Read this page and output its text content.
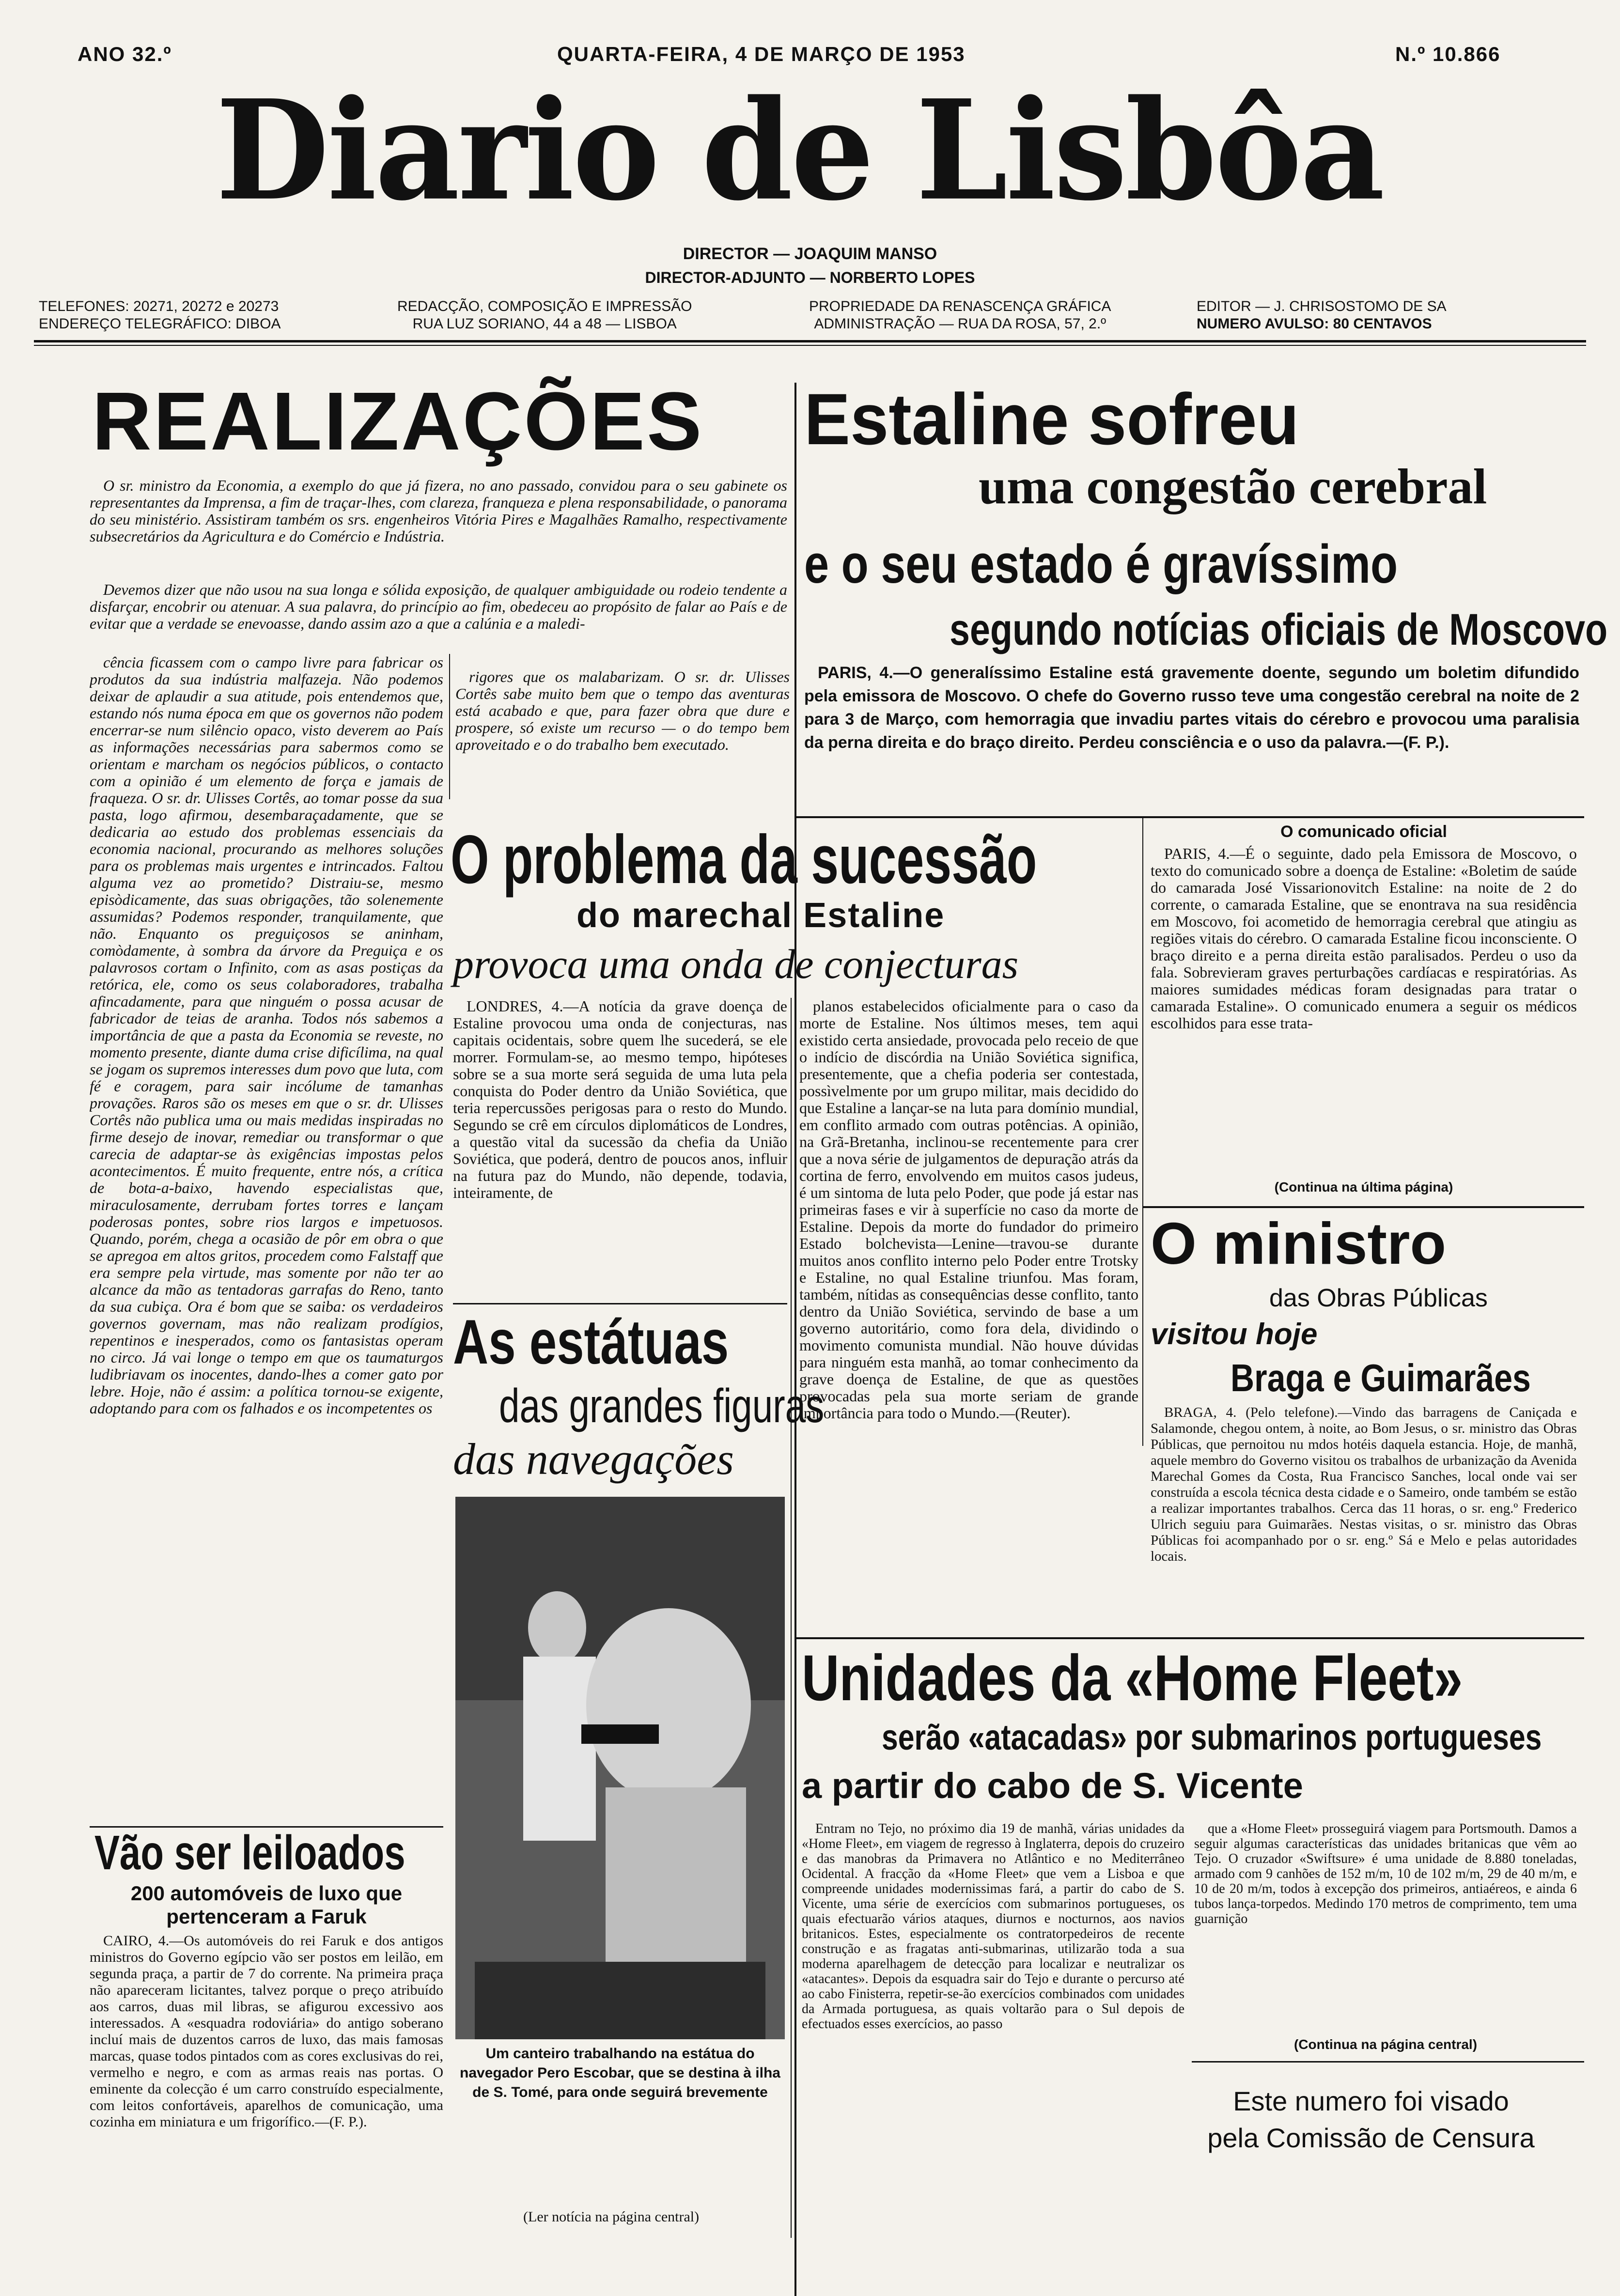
ANO 32.º	QUARTA-FEIRA, 4 DE MARÇO DE 1953	N.º 10.866
Diario de Lisbôa
DIRECTOR — JOAQUIM MANSO
DIRECTOR-ADJUNTO — NORBERTO LOPES
TELEFONES: 20271, 20272 e 20273
ENDEREÇO TELEGRÁFICO: DIBOA
REDACÇÃO, COMPOSIÇÃO E IMPRESSÃO
RUA LUZ SORIANO, 44 a 48 — LISBOA
PROPRIEDADE DA RENASCENÇA GRÁFICA
ADMINISTRAÇÃO — RUA DA ROSA, 57, 2.º
EDITOR — J. CHRISOSTOMO DE SA
NUMERO AVULSO: 80 CENTAVOS
REALIZAÇÕES

O sr. ministro da Economia, a exemplo do que já fizera, no ano passado, convidou para o seu gabinete os representantes da Imprensa, a fim de traçar-lhes, com clareza, franqueza e plena responsabilidade, o panorama do seu ministério. Assistiram também os srs. engenheiros Vitória Pires e Magalhães Ramalho, respectivamente subsecretários da Agricultura e do Comércio e Indústria.

Devemos dizer que não usou na sua longa e sólida exposição, de qualquer ambiguidade ou rodeio tendente a disfarçar, encobrir ou atenuar. A sua palavra, do princípio ao fim, obedeceu ao propósito de falar ao País e de evitar que a verdade se enevoasse, dando assim azo a que a calúnia e a maledi-

cência ficassem com o campo livre para fabricar os produtos da sua indústria malfazeja. Não podemos deixar de aplaudir a sua atitude, pois entendemos que, estando nós numa época em que os governos não podem encerrar-se num silêncio opaco, visto deverem ao País as informações necessárias para sabermos como se orientam e marcham os negócios públicos, o contacto com a opinião é um elemento de força e jamais de fraqueza. O sr. dr. Ulisses Cortês, ao tomar posse da sua pasta, logo afirmou, desembaraçadamente, que se dedicaria ao estudo dos problemas essenciais da economia nacional, procurando as melhores soluções para os problemas mais urgentes e intrincados. Faltou alguma vez ao prometido? Distraiu-se, mesmo episòdicamente, das suas obrigações, tão solenemente assumidas? Podemos responder, tranquilamente, que não. Enquanto os preguiçosos se aninham, comòdamente, à sombra da árvore da Preguiça e os palavrosos cortam o Infinito, com as asas postiças da retórica, ele, como os seus colaboradores, trabalha afincadamente, para que ninguém o possa acusar de fabricador de teias de aranha. Todos nós sabemos a importância de que a pasta da Economia se reveste, no momento presente, diante duma crise dificílima, na qual se jogam os supremos interesses dum povo que luta, com fé e coragem, para sair incólume de tamanhas provações. Raros são os meses em que o sr. dr. Ulisses Cortês não publica uma ou mais medidas inspiradas no firme desejo de inovar, remediar ou transformar o que carecia de adaptar-se às exigências impostas pelos acontecimentos. É muito frequente, entre nós, a crítica de bota-a-baixo, havendo especialistas que, miraculosamente, derrubam fortes torres e lançam poderosas pontes, sobre rios largos e impetuosos. Quando, porém, chega a ocasião de pôr em obra o que se apregoa em altos gritos, procedem como Falstaff que era sempre pela virtude, mas somente por não ter ao alcance da mão as tentadoras garrafas do Reno, tanto da sua cubiça. Ora é bom que se saiba: os verdadeiros governos governam, mas não realizam prodígios, repentinos e inesperados, como os fantasistas operam no circo. Já vai longe o tempo em que os taumaturgos ludibriavam os inocentes, dando-lhes a comer gato por lebre. Hoje, não é assim: a política tornou-se exigente, adoptando para com os falhados e os incompetentes os

rigores que os malabarizam. O sr. dr. Ulisses Cortês sabe muito bem que o tempo das aventuras está acabado e que, para fazer obra que dure e prospere, só existe um recurso — o do tempo bem aproveitado e o do trabalho bem executado.

Vão ser leiloados
200 automóveis de luxo que pertenceram a Faruk

CAIRO, 4.—Os automóveis do rei Faruk e dos antigos ministros do Governo egípcio vão ser postos em leilão, em segunda praça, a partir de 7 do corrente. Na primeira praça não apareceram licitantes, talvez porque o preço atribuído aos carros, duas mil libras, se afigurou excessivo aos interessados. A «esquadra rodoviária» do antigo soberano incluí mais de duzentos carros de luxo, das mais famosas marcas, quase todos pintados com as cores exclusivas do rei, vermelho e negro, e com as armas reais nas portas. O eminente da colecção é um carro construído especialmente, com leitos confortáveis, aparelhos de comunicação, uma cozinha em miniatura e um frigorífico.—(F. P.).

Estaline sofreu
uma congestão cerebral
e o seu estado é gravíssimo
segundo notícias oficiais de Moscovo

PARIS, 4.—O generalíssimo Estaline está gravemente doente, segundo um boletim difundido pela emissora de Moscovo. O chefe do Governo russo teve uma congestão cerebral na noite de 2 para 3 de Março, com hemorragia que invadiu partes vitais do cérebro e provocou uma paralisia da perna direita e do braço direito. Perdeu consciência e o uso da palavra.—(F. P.).

O problema da sucessão
do marechal Estaline
provoca uma onda de conjecturas

LONDRES, 4.—A notícia da grave doença de Estaline provocou uma onda de conjecturas, nas capitais ocidentais, sobre quem lhe sucederá, se ele morrer. Formulam-se, ao mesmo tempo, hipóteses sobre se a sua morte será seguida de uma luta pela conquista do Poder dentro da União Soviética, que teria repercussões perigosas para o resto do Mundo. Segundo se crê em círculos diplomáticos de Londres, a questão vital da sucessão da chefia da União Soviética, que poderá, dentro de poucos anos, influir na futura paz do Mundo, não depende, todavia, inteiramente, de

planos estabelecidos oficialmente para o caso da morte de Estaline. Nos últimos meses, tem aqui existido certa ansiedade, provocada pelo receio de que o indício de discórdia na União Soviética significa, presentemente, que a chefia poderia ser contestada, possìvelmente por um grupo militar, mais decidido do que Estaline a lançar-se na luta para domínio mundial, em conflito armado com outras potências. A opinião, na Grã-Bretanha, inclinou-se recentemente para crer que a nova série de julgamentos de depuração atrás da cortina de ferro, envolvendo em muitos casos judeus, é um sintoma de luta pelo Poder, que pode já estar nas primeiras fases e vir à superfície no caso da morte de Estaline. Depois da morte do fundador do primeiro Estado bolchevista—Lenine—travou-se durante muitos anos conflito interno pelo Poder entre Trotsky e Estaline, no qual Estaline triunfou. Mas foram, também, nítidas as consequências desse conflito, tanto dentro da União Soviética, servindo de base a um governo autoritário, como fora dela, dividindo o movimento comunista mundial. Não houve dúvidas para ninguém esta manhã, ao tomar conhecimento da grave doença de Estaline, de que as questões provocadas pela sua morte seriam de grande importância para todo o Mundo.—(Reuter).

As estátuas
das grandes figuras
das navegações
Um canteiro trabalhando na estátua do navegador Pero Escobar, que se destina à ilha de S. Tomé, para onde seguirá brevemente
(Ler notícia na página central)
O comunicado oficial

PARIS, 4.—É o seguinte, dado pela Emissora de Moscovo, o texto do comunicado sobre a doença de Estaline: «Boletim de saúde do camarada José Vissarionovitch Estaline: na noite de 2 do corrente, o camarada Estaline, que se enontrava na sua residência em Moscovo, foi acometido de hemorragia cerebral que atingiu as regiões vitais do cérebro. O camarada Estaline ficou inconsciente. O braço direito e a perna direita estão paralisados. Perdeu o uso da fala. Sobrevieram graves perturbações cardíacas e respiratórias. As maiores sumidades médicas foram designadas para tratar o camarada Estaline». O comunicado enumera a seguir os médicos escolhidos para esse trata-

(Continua na última página)
O ministro
das Obras Públicas
visitou hoje
Braga e Guimarães

BRAGA, 4. (Pelo telefone).—Vindo das barragens de Caniçada e Salamonde, chegou ontem, à noite, ao Bom Jesus, o sr. ministro das Obras Públicas, que pernoitou nu mdos hotéis daquela estancia. Hoje, de manhã, aquele membro do Governo visitou os trabalhos de urbanização da Avenida Marechal Gomes da Costa, Rua Francisco Sanches, local onde vai ser construída a escola técnica desta cidade e o Sameiro, onde também se estão a realizar importantes trabalhos. Cerca das 11 horas, o sr. eng.º Frederico Ulrich seguiu para Guimarães. Nestas visitas, o sr. ministro das Obras Públicas foi acompanhado por o sr. eng.º Sá e Melo e pelas autoridades locais.

Unidades da «Home Fleet»
serão «atacadas» por submarinos portugueses
a partir do cabo de S. Vicente

Entram no Tejo, no próximo dia 19 de manhã, várias unidades da «Home Fleet», em viagem de regresso à Inglaterra, depois do cruzeiro e das manobras da Primavera no Atlântico e no Mediterrâneo Ocidental. A fracção da «Home Fleet» que vem a Lisboa e que compreende unidades modernissimas fará, a partir do cabo de S. Vicente, uma série de exercícios com submarinos portugueses, os quais efectuarão vários ataques, diurnos e nocturnos, aos navios britanicos. Estes, especialmente os contratorpedeiros de recente construção e as fragatas anti-submarinas, utilizarão toda a sua moderna aparelhagem de detecção para localizar e neutralizar os «atacantes». Depois da esquadra sair do Tejo e durante o percurso até ao cabo Finisterra, repetir-se-ão exercícios combinados com unidades da Armada portuguesa, as quais voltarão para o Sul depois de efectuados esses exercícios, ao passo

que a «Home Fleet» prosseguirá viagem para Portsmouth. Damos a seguir algumas características das unidades britanicas que vêm ao Tejo. O cruzador «Swiftsure» é uma unidade de 8.880 toneladas, armado com 9 canhões de 152 m/m, 10 de 102 m/m, 29 de 40 m/m, e 10 de 20 m/m, todos à excepção dos primeiros, antiaéreos, e ainda 6 tubos lança-torpedos. Medindo 170 metros de comprimento, tem uma guarnição

(Continua na página central)
Este numero foi visado
pela Comissão de Censura
